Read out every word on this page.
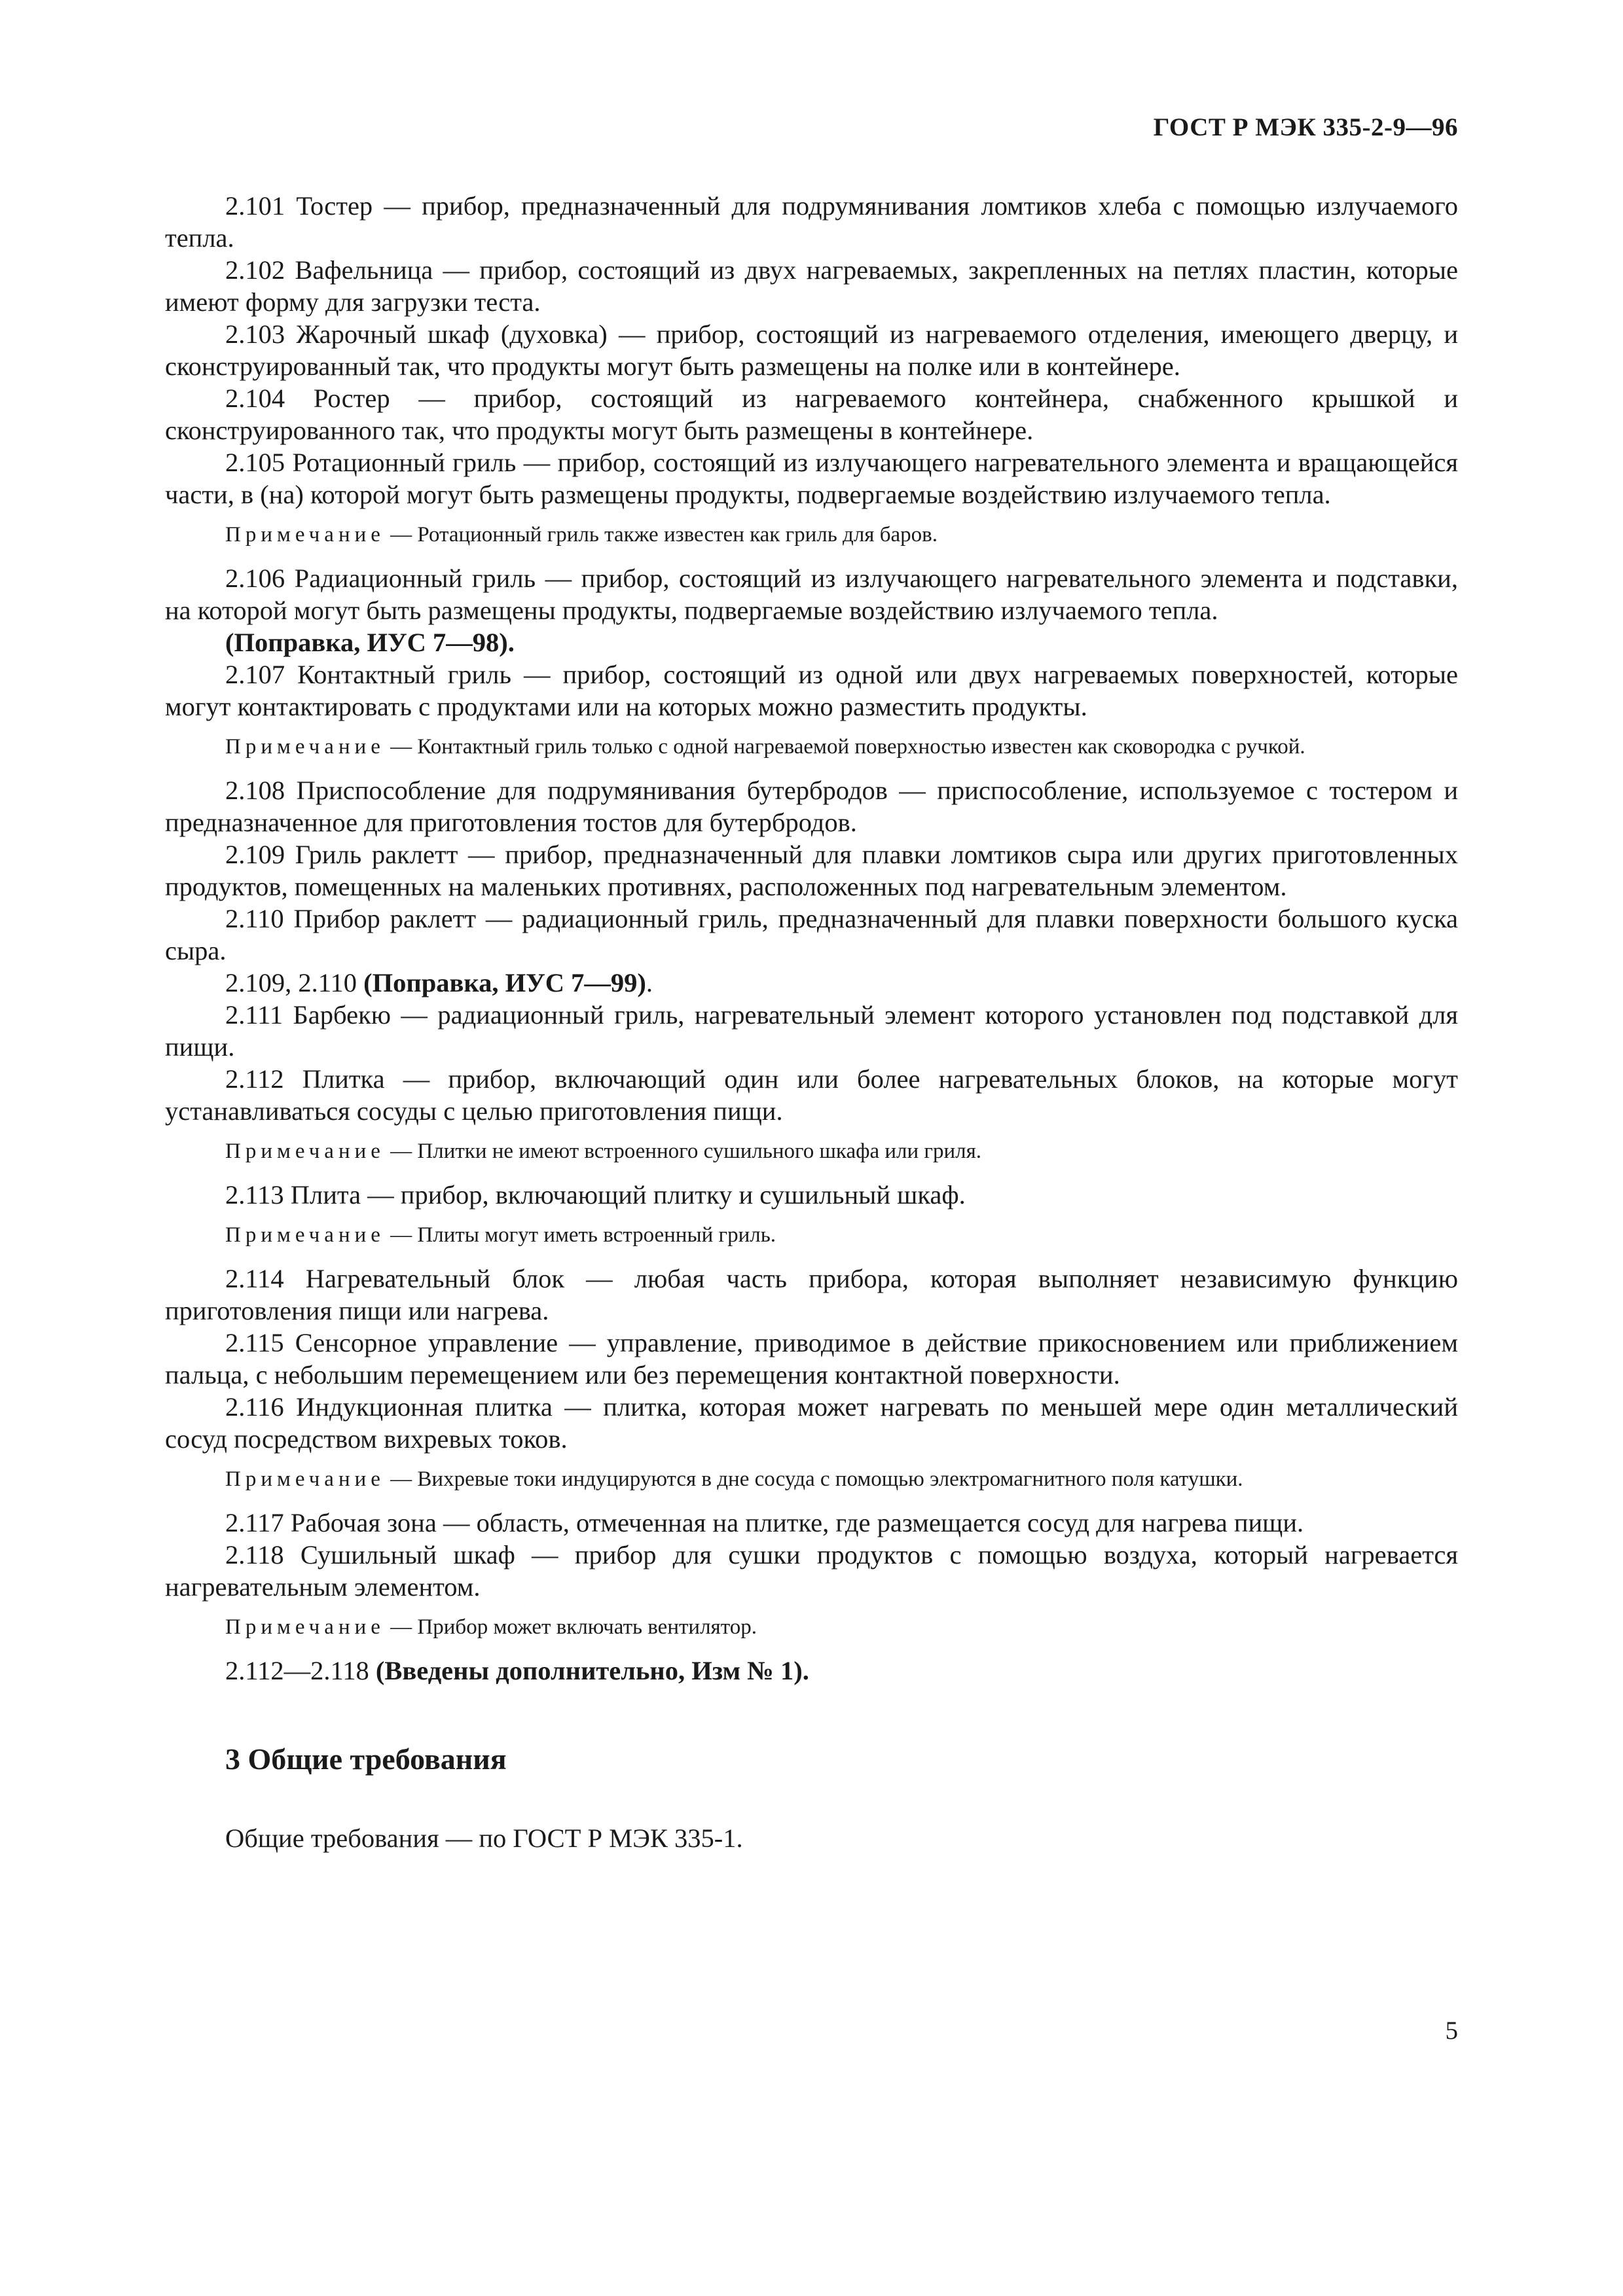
ГОСТ Р МЭК 335-2-9—96

2.101 Тостер — прибор, предназначенный для подрумянивания ломтиков хлеба с помощью излучаемого тепла.

2.102 Вафельница — прибор, состоящий из двух нагреваемых, закрепленных на петлях пластин, которые имеют форму для загрузки теста.

2.103 Жарочный шкаф (духовка) — прибор, состоящий из нагреваемого отделения, имеющего дверцу, и сконструированный так, что продукты могут быть размещены на полке или в контейнере.

2.104 Ростер — прибор, состоящий из нагреваемого контейнера, снабженного крышкой и сконструированного так, что продукты могут быть размещены в контейнере.

2.105 Ротационный гриль — прибор, состоящий из излучающего нагревательного элемента и вращающейся части, в (на) которой могут быть размещены продукты, подвергаемые воздействию излучаемого тепла.

Примечание — Ротационный гриль также известен как гриль для баров.

2.106 Радиационный гриль — прибор, состоящий из излучающего нагревательного элемента и подставки, на которой могут быть размещены продукты, подвергаемые воздействию излучаемого тепла.

(Поправка, ИУС 7—98).

2.107 Контактный гриль — прибор, состоящий из одной или двух нагреваемых поверхностей, которые могут контактировать с продуктами или на которых можно разместить продукты.

Примечание — Контактный гриль только с одной нагреваемой поверхностью известен как сковородка с ручкой.

2.108 Приспособление для подрумянивания бутербродов — приспособление, используемое с тостером и предназначенное для приготовления тостов для бутербродов.

2.109 Гриль раклетт — прибор, предназначенный для плавки ломтиков сыра или других приготовленных продуктов, помещенных на маленьких противнях, расположенных под нагревательным элементом.

2.110 Прибор раклетт — радиационный гриль, предназначенный для плавки поверхности большого куска сыра.

2.109, 2.110 (Поправка, ИУС 7—99).

2.111 Барбекю — радиационный гриль, нагревательный элемент которого установлен под подставкой для пищи.

2.112 Плитка — прибор, включающий один или более нагревательных блоков, на которые могут устанавливаться сосуды с целью приготовления пищи.

Примечание — Плитки не имеют встроенного сушильного шкафа или гриля.

2.113 Плита — прибор, включающий плитку и сушильный шкаф.

Примечание — Плиты могут иметь встроенный гриль.

2.114 Нагревательный блок — любая часть прибора, которая выполняет независимую функцию приготовления пищи или нагрева.

2.115 Сенсорное управление — управление, приводимое в действие прикосновением или приближением пальца, с небольшим перемещением или без перемещения контактной поверхности.

2.116 Индукционная плитка — плитка, которая может нагревать по меньшей мере один металлический сосуд посредством вихревых токов.

Примечание — Вихревые токи индуцируются в дне сосуда с помощью электромагнитного поля катушки.

2.117 Рабочая зона — область, отмеченная на плитке, где размещается сосуд для нагрева пищи.

2.118 Сушильный шкаф — прибор для сушки продуктов с помощью воздуха, который нагревается нагревательным элементом.

Примечание — Прибор может включать вентилятор.

2.112—2.118 (Введены дополнительно, Изм № 1).

3 Общие требования

Общие требования — по ГОСТ Р МЭК 335-1.

5
